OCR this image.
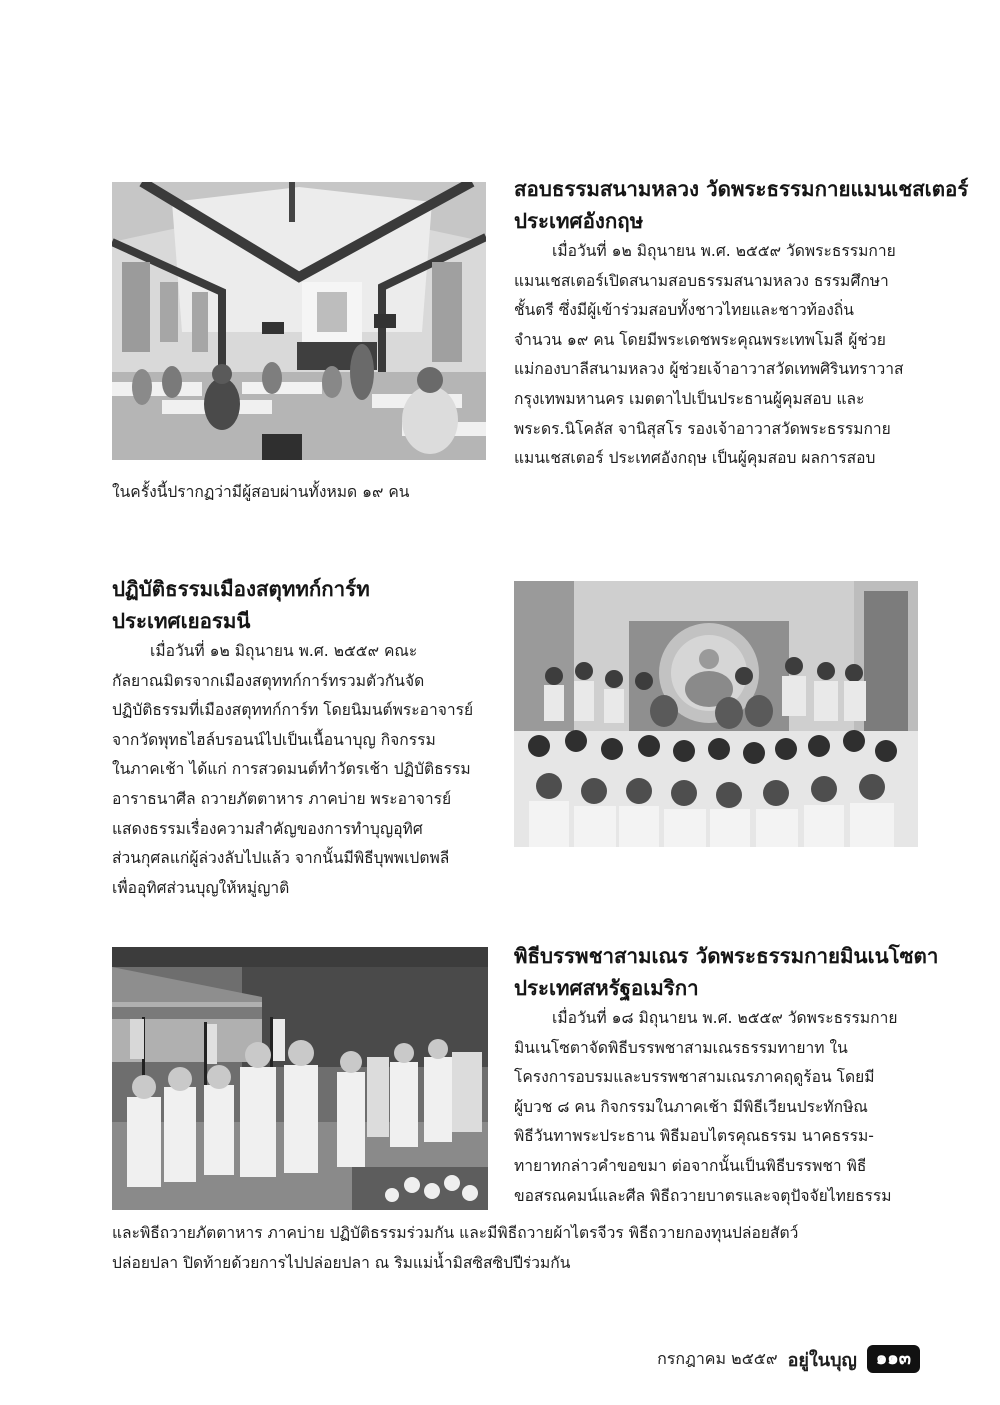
สอบธรรมสนามหลวง วัดพระธรรมกายแมนเชสเตอร์
ประเทศอังกฤษ
เมื่อวันที่ ๑๒ มิถุนายน พ.ศ. ๒๕๕๙ วัดพระธรรมกาย
แมนเชสเตอร์เปิดสนามสอบธรรมสนามหลวง ธรรมศึกษา
ชั้นตรี ซึ่งมีผู้เข้าร่วมสอบทั้งชาวไทยและชาวท้องถิ่น
จำนวน ๑๙ คน โดยมีพระเดชพระคุณพระเทพโมลี ผู้ช่วย
แม่กองบาลีสนามหลวง ผู้ช่วยเจ้าอาวาสวัดเทพศิรินทราวาส
กรุงเทพมหานคร เมตตาไปเป็นประธานผู้คุมสอบ และ
พระดร.นิโคลัส จานิสุสโร รองเจ้าอาวาสวัดพระธรรมกาย
แมนเชสเตอร์ ประเทศอังกฤษ เป็นผู้คุมสอบ ผลการสอบ
ในครั้งนี้ปรากฏว่ามีผู้สอบผ่านทั้งหมด ๑๙ คน
ปฏิบัติธรรมเมืองสตุททก์การ์ท
ประเทศเยอรมนี
เมื่อวันที่ ๑๒ มิถุนายน พ.ศ. ๒๕๕๙ คณะ
กัลยาณมิตรจากเมืองสตุททก์การ์ทรวมตัวกันจัด
ปฏิบัติธรรมที่เมืองสตุททก์การ์ท โดยนิมนต์พระอาจารย์
จากวัดพุทธไฮล์บรอนน์ไปเป็นเนื้อนาบุญ กิจกรรม
ในภาคเช้า ได้แก่ การสวดมนต์ทำวัตรเช้า ปฏิบัติธรรม
อาราธนาศีล ถวายภัตตาหาร ภาคบ่าย พระอาจารย์
แสดงธรรมเรื่องความสำคัญของการทำบุญอุทิศ
ส่วนกุศลแก่ผู้ล่วงลับไปแล้ว จากนั้นมีพิธีบุพพเปตพลี
เพื่ออุทิศส่วนบุญให้หมู่ญาติ
พิธีบรรพชาสามเณร วัดพระธรรมกายมินเนโซตา
ประเทศสหรัฐอเมริกา
เมื่อวันที่ ๑๘ มิถุนายน พ.ศ. ๒๕๕๙ วัดพระธรรมกาย
มินเนโซตาจัดพิธีบรรพชาสามเณรธรรมทายาท ใน
โครงการอบรมและบรรพชาสามเณรภาคฤดูร้อน โดยมี
ผู้บวช ๘ คน กิจกรรมในภาคเช้า มีพิธีเวียนประทักษิณ
พิธีวันทาพระประธาน พิธีมอบไตรคุณธรรม นาคธรรม-
ทายาทกล่าวคำขอขมา ต่อจากนั้นเป็นพิธีบรรพชา พิธี
ขอสรณคมน์และศีล พิธีถวายบาตรและจตุปัจจัยไทยธรรม
และพิธีถวายภัตตาหาร ภาคบ่าย ปฏิบัติธรรมร่วมกัน และมีพิธีถวายผ้าไตรจีวร พิธีถวายกองทุนปล่อยสัตว์
ปล่อยปลา ปิดท้ายด้วยการไปปล่อยปลา ณ ริมแม่น้ำมิสซิสซิปปีร่วมกัน
กรกฎาคม ๒๕๕๙ อยู่ในบุญ	๑๑๓
